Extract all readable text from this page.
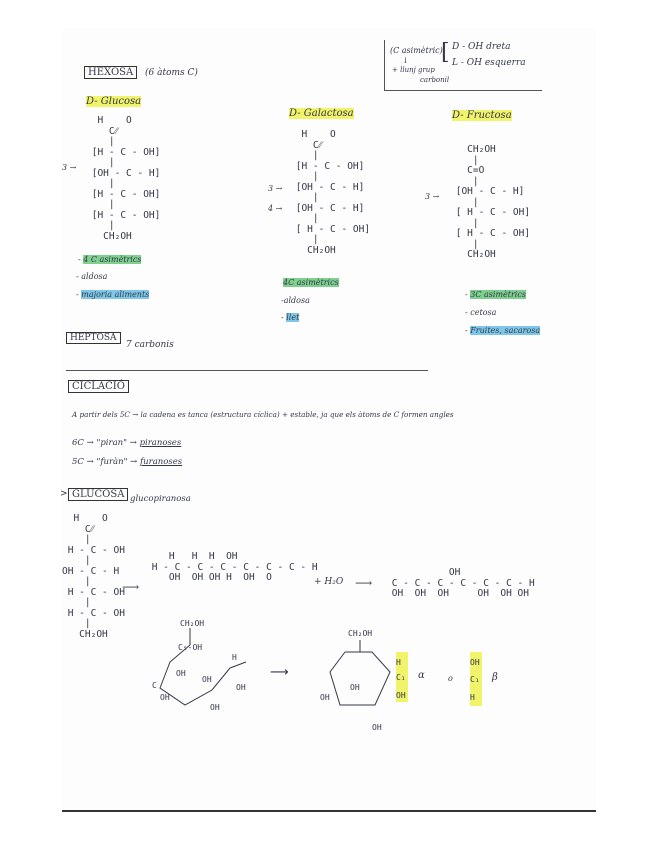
(C asimètric)
↓
+ llunj grup
carbonil
[ D - OH dreta
L - OH esquerra
HEXOSA	(6 àtoms C)
D- Glucosa
H    O
C⁄⁄
|
[H - C - OH]
|
[OH - C - H]
|
[H - C - OH]
|
[H - C - OH]
|
CH₂OH
3 →
- 4 C asimètrics
- aldosa
- majoria aliments
D- Galactosa
H    O
C⁄⁄
|
[H - C - OH]
|
[OH - C - H]
|
[OH - C - H]
|
[ H - C - OH]
|
CH₂OH
3 →
4 →
4C asimètrics
-aldosa
- llet
D- Fructosa
CH₂OH
|
C=O
|
[OH - C - H]
|
[ H - C - OH]
|
[ H - C - OH]
|
CH₂OH
3 →
- 3C asimètrics
- cetosa
- Fruites, sacarosa
HEPTOSA
7 carbonis
CICLACIÓ
A partir dels 5C → la cadena es tanca (estructura cíclica) + estable, ja que els àtoms de C formen angles
6C → "piran" → piranoses
5C → "furàn" → furanoses
> GLUCOSA glucopiranosa
H    O
C⁄⁄
|
H - C - OH
|
OH - C - H
|
H - C - OH
|
H - C - OH
|
CH₂OH
⟶
H   H  H  OH
H - C - C - C - C - C - C - H
OH  OH OH H  OH  O	+ H₂O ⟶
OH
C - C - C - C - C - C - H
OH  OH  OH     OH  OH OH
CH₂OH
C₅-OH
C
OH
OH
OH
OH
H
OH
⟶
CH₂OH
H
C₁
OH
OH
OH
OH
OH
C₁
H
α	o	β
